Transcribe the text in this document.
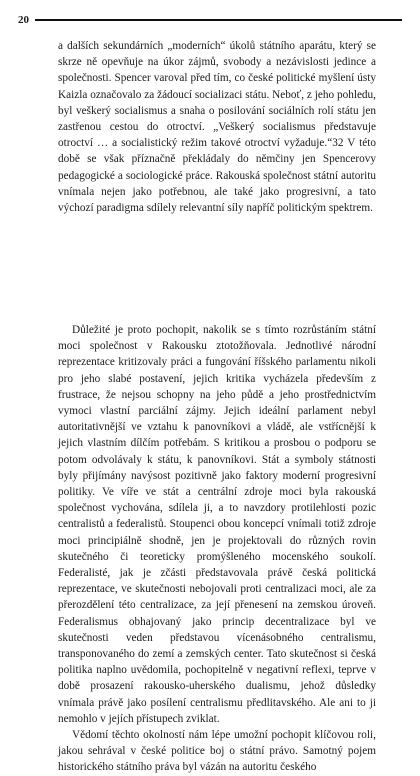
20

a dalších sekundárních „moderních“ úkolů státního aparátu, který se skrze ně opevňuje na úkor zájmů, svobody a nezávislosti jedince a společnosti. Spencer varoval před tím, co české politické myšlení ústy Kaizla označovalo za žádoucí socializaci státu. Neboť, z jeho pohledu, byl veškerý socialismus a snaha o posilování sociálních rolí státu jen zastřenou cestou do otroctví. „Veškerý socialismus představuje otroctví … a socialistický režim takové otroctví vyžaduje.“32 V této době se však příznačně překládaly do němčiny jen Spencerovy pedagogické a sociologické práce. Rakouská společnost státní autoritu vnímala nejen jako potřebnou, ale také jako progresivní, a tato výchozí paradigma sdílely relevantní síly napříč politickým spektrem.

Důležité je proto pochopit, nakolik se s tímto rozrůstáním státní moci společnost v Rakousku ztotožňovala. Jednotlivé národní reprezentace kritizovaly práci a fungování říšského parlamentu nikoli pro jeho slabé postavení, jejich kritika vycházela především z frustrace, že nejsou schopny na jeho půdě a jeho prostřednictvím vymoci vlastní parciální zájmy. Jejich ideální parlament nebyl autoritativnější ve vztahu k panovníkovi a vládě, ale vstřícnější k jejich vlastním dílčím potřebám. S kritikou a prosbou o podporu se potom odvolávaly k státu, k panovníkovi. Stát a symboly státnosti byly přijímány navýsost pozitivně jako faktory moderní progresivní politiky. Ve víře ve stát a centrální zdroje moci byla rakouská společnost vychována, sdílela ji, a to navzdory protilehlosti pozic centralistů a federalistů. Stoupenci obou koncepcí vnímali totiž zdroje moci principiálně shodně, jen je projektovali do různých rovin skutečného či teoreticky promýšleného mocenského soukolí. Federalisté, jak je zčásti představovala právě česká politická reprezentace, ve skutečnosti nebojovali proti centralizaci moci, ale za přerozdělení této centralizace, za její přenesení na zemskou úroveň. Federalismus obhajovaný jako princip decentralizace byl ve skutečnosti veden představou vícenásobného centralismu, transponovaného do zemí a zemských center. Tato skutečnost si česká politika naplno uvědomila, pochopitelně v negativní reflexi, teprve v době prosazení rakousko-uherského dualismu, jehož důsledky vnímala právě jako posílení centralismu předlitavského. Ale ani to ji nemohlo v jejích přístupech zviklat.

Vědomí těchto okolností nám lépe umožní pochopit klíčovou roli, jakou sehrával v české politice boj o státní právo. Samotný pojem historického státního práva byl vázán na autoritu českého
